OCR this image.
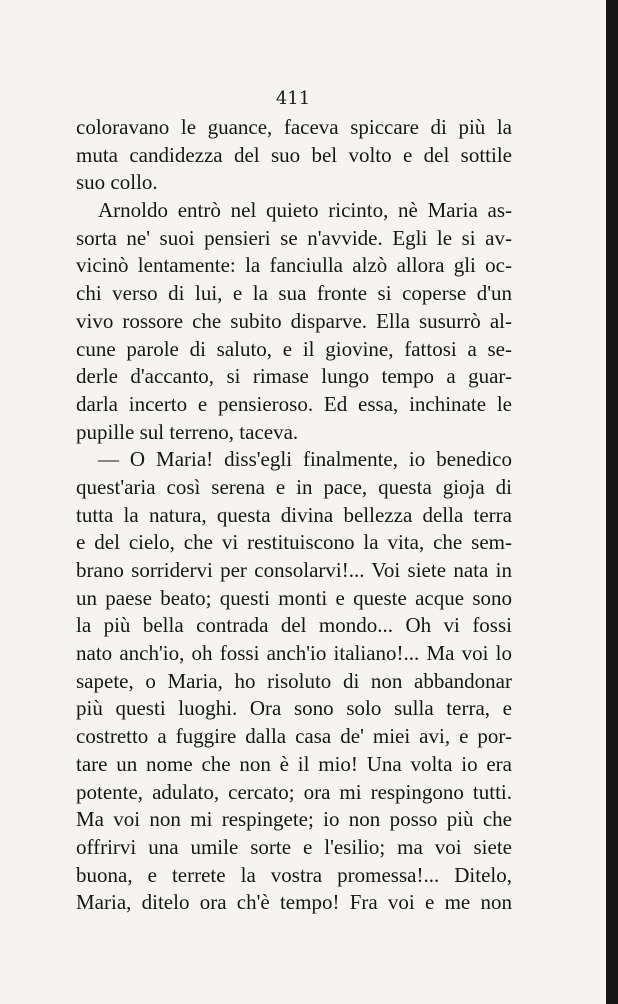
411

coloravano le guance, faceva spiccare di più la
muta candidezza del suo bel volto e del sottile
suo collo.
Arnoldo entrò nel quieto ricinto, nè Maria as-
sorta ne' suoi pensieri se n'avvide. Egli le si av-
vicinò lentamente: la fanciulla alzò allora gli oc-
chi verso di lui, e la sua fronte si coperse d'un
vivo rossore che subito disparve. Ella susurrò al-
cune parole di saluto, e il giovine, fattosi a se-
derle d'accanto, si rimase lungo tempo a guar-
darla incerto e pensieroso. Ed essa, inchinate le
pupille sul terreno, taceva.
— O Maria! diss'egli finalmente, io benedico
quest'aria così serena e in pace, questa gioja di
tutta la natura, questa divina bellezza della terra
e del cielo, che vi restituiscono la vita, che sem-
brano sorridervi per consolarvi!... Voi siete nata in
un paese beato; questi monti e queste acque sono
la più bella contrada del mondo... Oh vi fossi
nato anch'io, oh fossi anch'io italiano!... Ma voi lo
sapete, o Maria, ho risoluto di non abbandonar
più questi luoghi. Ora sono solo sulla terra, e
costretto a fuggire dalla casa de' miei avi, e por-
tare un nome che non è il mio! Una volta io era
potente, adulato, cercato; ora mi respingono tutti.
Ma voi non mi respingete; io non posso più che
offrirvi una umile sorte e l'esilio; ma voi siete
buona, e terrete la vostra promessa!... Ditelo,
Maria, ditelo ora ch'è tempo! Fra voi e me non
